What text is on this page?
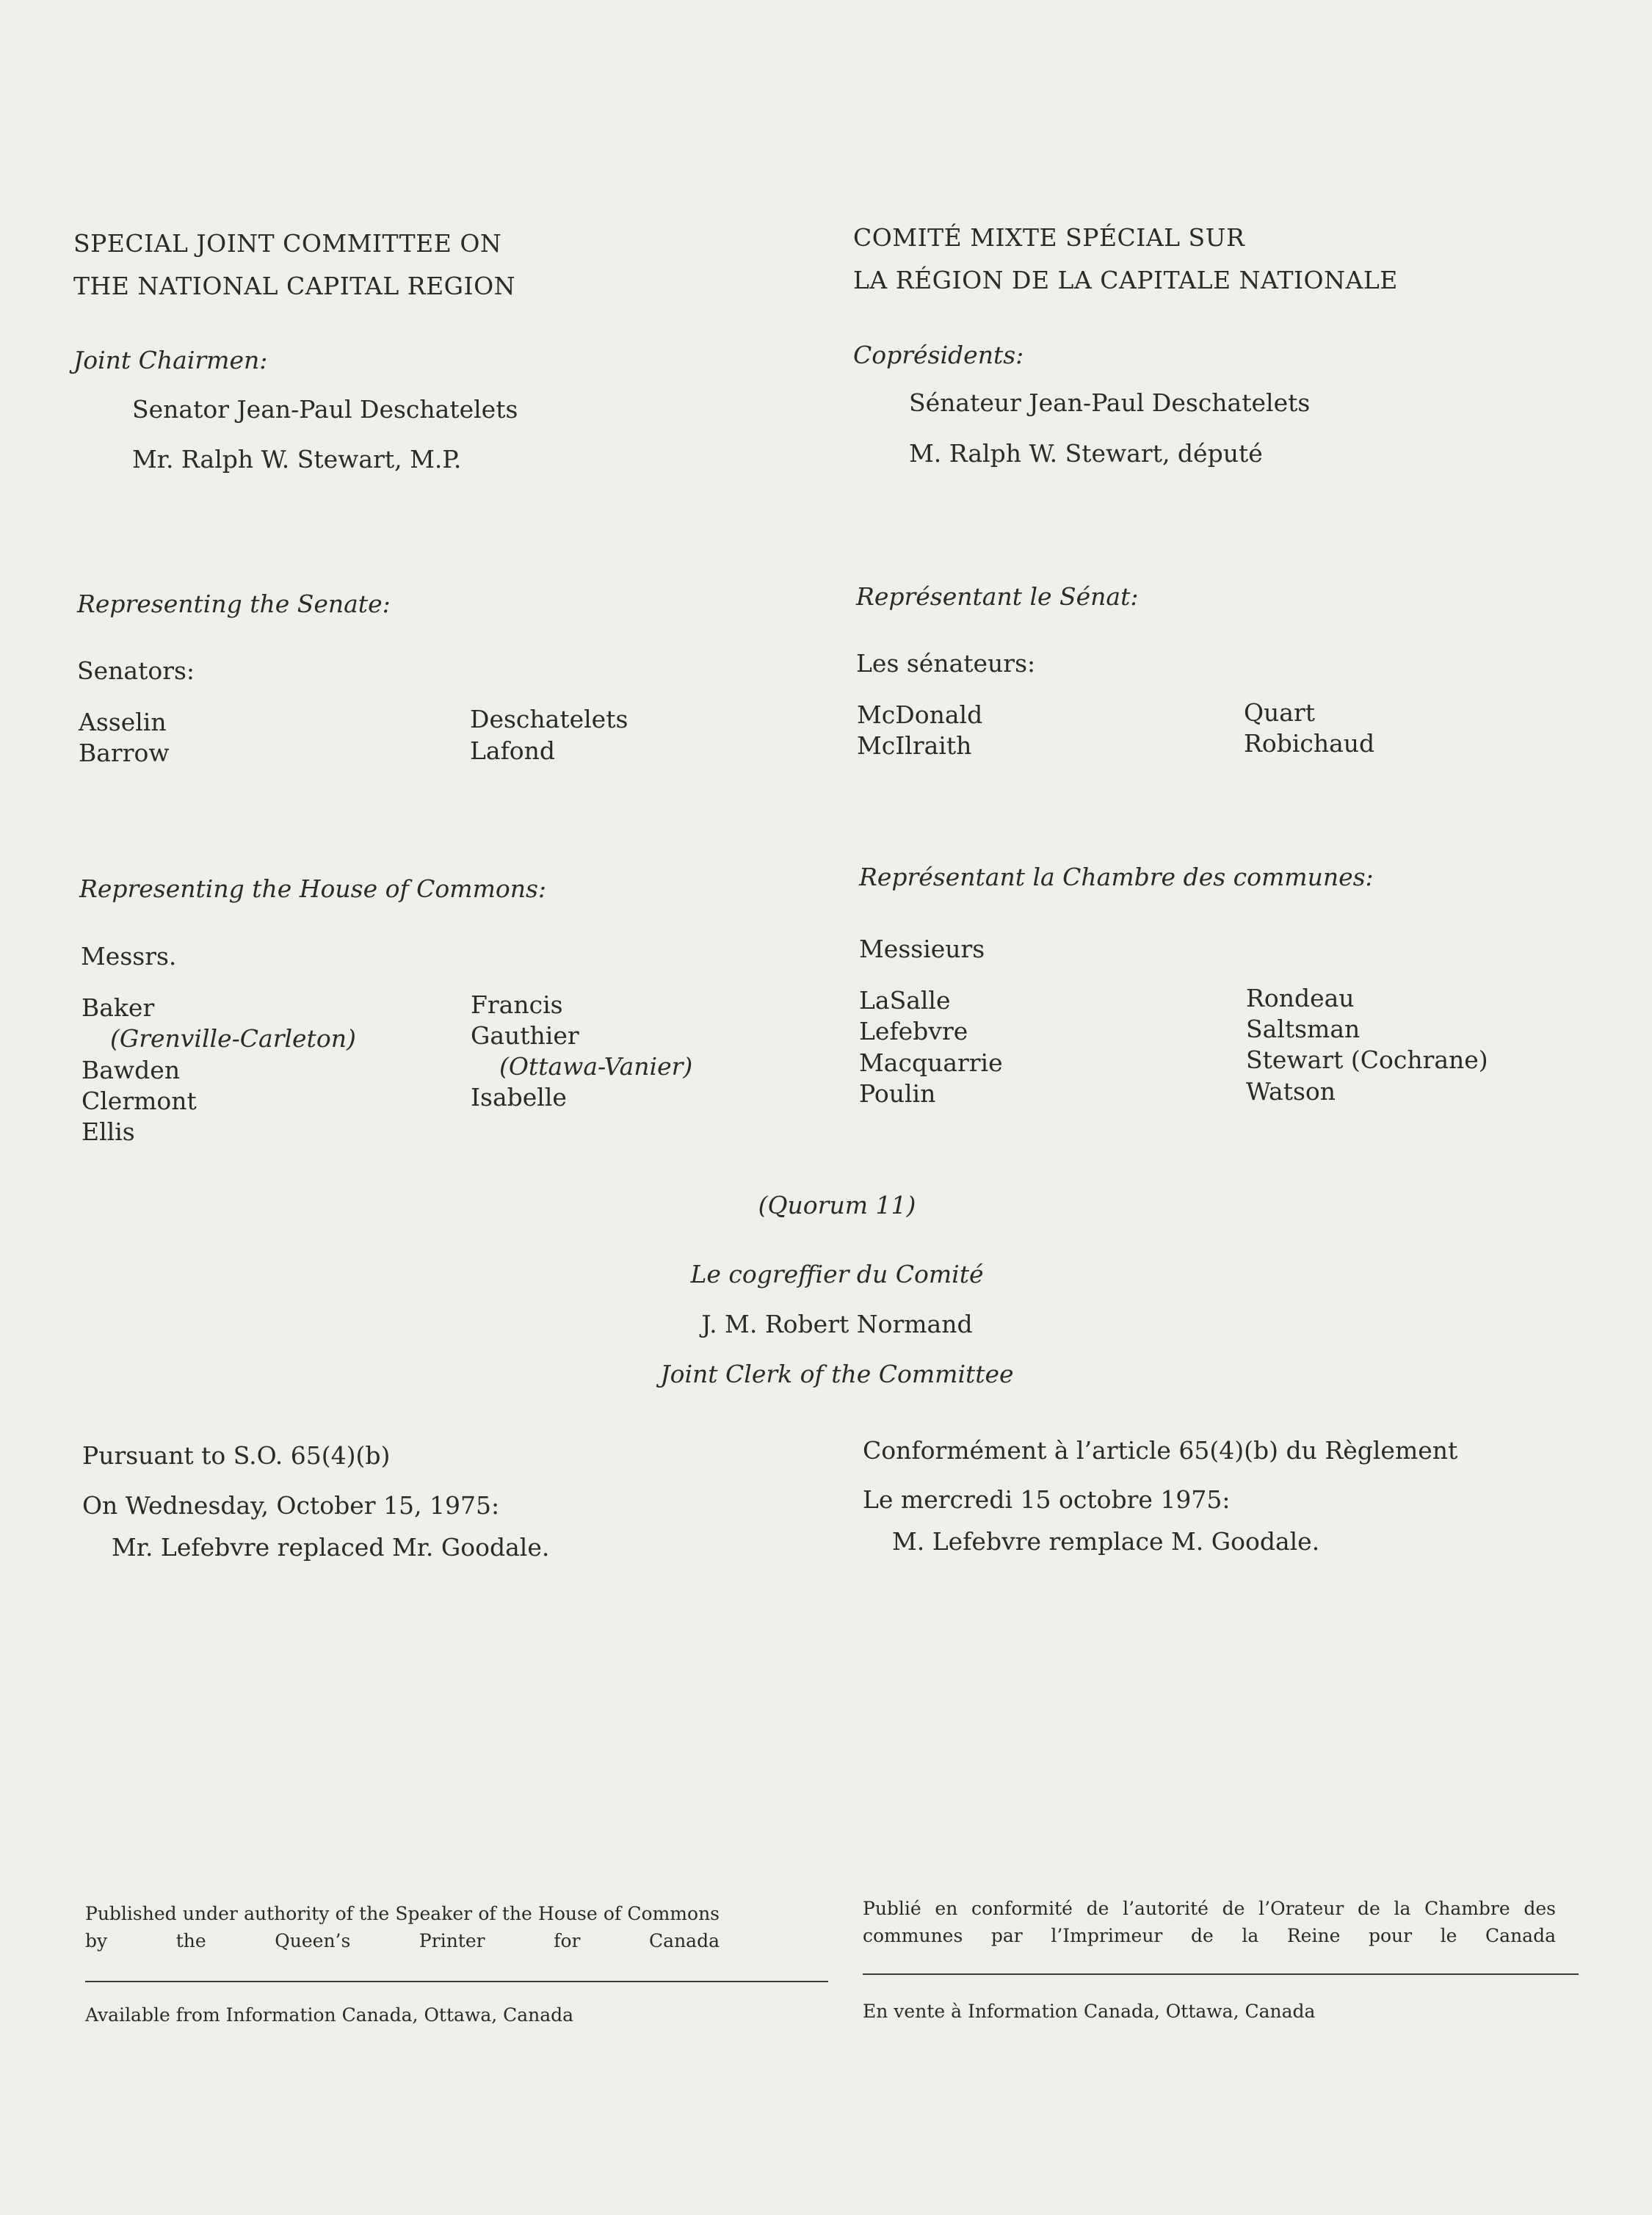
SPECIAL JOINT COMMITTEE ON
THE NATIONAL CAPITAL REGION
Joint Chairmen:
Senator Jean-Paul Deschatelets
Mr. Ralph W. Stewart, M.P.
Representing the Senate:
Senators:
Asselin
Barrow
Deschatelets
Lafond
Representing the House of Commons:
Messrs.
Baker
(Grenville-Carleton)
Bawden
Clermont
Ellis
Francis
Gauthier
(Ottawa-Vanier)
Isabelle
COMITÉ MIXTE SPÉCIAL SUR
LA RÉGION DE LA CAPITALE NATIONALE
Coprésidents:
Sénateur Jean-Paul Deschatelets
M. Ralph W. Stewart, député
Représentant le Sénat:
Les sénateurs:
McDonald
McIlraith
Quart
Robichaud
Représentant la Chambre des communes:
Messieurs
LaSalle
Lefebvre
Macquarrie
Poulin
Rondeau
Saltsman
Stewart (Cochrane)
Watson
(Quorum 11)
Le cogreffier du Comité
J. M. Robert Normand
Joint Clerk of the Committee
Pursuant to S.O. 65(4)(b)
On Wednesday, October 15, 1975:
Mr. Lefebvre replaced Mr. Goodale.
Conformément à l’article 65(4)(b) du Règlement
Le mercredi 15 octobre 1975:
M. Lefebvre remplace M. Goodale.
Published under authority of the Speaker of the House of Commons by the Queen’s Printer for Canada
Available from Information Canada, Ottawa, Canada
Publié en conformité de l’autorité de l’Orateur de la Chambre des communes par l’Imprimeur de la Reine pour le Canada
En vente à Information Canada, Ottawa, Canada
